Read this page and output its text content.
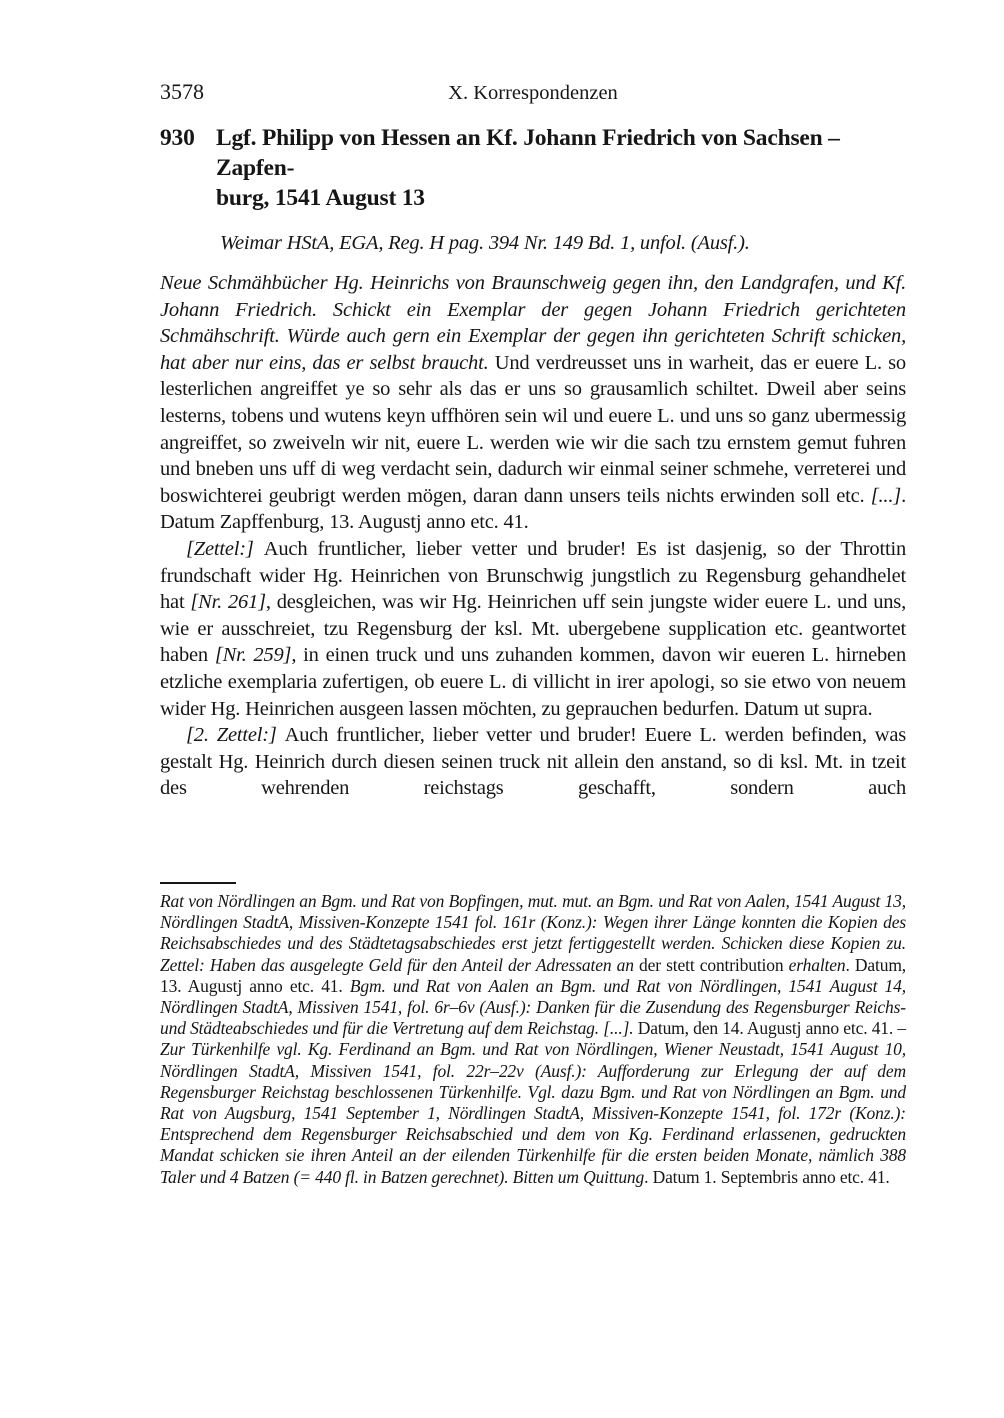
3578	X. Korrespondenzen
930 Lgf. Philipp von Hessen an Kf. Johann Friedrich von Sachsen – Zapfen-
burg, 1541 August 13
Weimar HStA, EGA, Reg. H pag. 394 Nr. 149 Bd. 1, unfol. (Ausf.).

Neue Schmähbücher Hg. Heinrichs von Braunschweig gegen ihn, den Landgrafen, und Kf. Johann Friedrich. Schickt ein Exemplar der gegen Johann Friedrich gerichteten Schmähschrift. Würde auch gern ein Exemplar der gegen ihn gerichteten Schrift schicken, hat aber nur eins, das er selbst braucht. Und verdreusset uns in warheit, das er euere L. so lesterlichen angreiffet ye so sehr als das er uns so grausamlich schiltet. Dweil aber seins lesterns, tobens und wutens keyn uffhören sein wil und euere L. und uns so ganz ubermessig angreiffet, so zweiveln wir nit, euere L. werden wie wir die sach tzu ernstem gemut fuhren und bneben uns uff di weg verdacht sein, dadurch wir einmal seiner schmehe, verreterei und boswichterei geubrigt werden mögen, daran dann unsers teils nichts erwinden soll etc. [...]. Datum Zapffenburg, 13. Augustj anno etc. 41.

[Zettel:] Auch fruntlicher, lieber vetter und bruder! Es ist dasjenig, so der Throttin frundschaft wider Hg. Heinrichen von Brunschwig jungstlich zu Regensburg gehandhelet hat [Nr. 261], desgleichen, was wir Hg. Heinrichen uff sein jungste wider euere L. und uns, wie er ausschreiet, tzu Regensburg der ksl. Mt. ubergebene supplication etc. geantwortet haben [Nr. 259], in einen truck und uns zuhanden kommen, davon wir eueren L. hirneben etzliche exemplaria zufertigen, ob euere L. di villicht in irer apologi, so sie etwo von neuem wider Hg. Heinrichen ausgeen lassen möchten, zu geprauchen bedurfen. Datum ut supra.

[2. Zettel:] Auch fruntlicher, lieber vetter und bruder! Euere L. werden befinden, was gestalt Hg. Heinrich durch diesen seinen truck nit allein den anstand, so di ksl. Mt. in tzeit des wehrenden reichstags geschafft, sondern auch

Rat von Nördlingen an Bgm. und Rat von Bopfingen, mut. mut. an Bgm. und Rat von Aalen, 1541 August 13, Nördlingen StadtA, Missiven-Konzepte 1541 fol. 161r (Konz.): Wegen ihrer Länge konnten die Kopien des Reichsabschiedes und des Städtetagsabschiedes erst jetzt fertiggestellt werden. Schicken diese Kopien zu. Zettel: Haben das ausgelegte Geld für den Anteil der Adressaten an der stett contribution erhalten. Datum, 13. Augustj anno etc. 41. Bgm. und Rat von Aalen an Bgm. und Rat von Nördlingen, 1541 August 14, Nördlingen StadtA, Missiven 1541, fol. 6r–6v (Ausf.): Danken für die Zusendung des Regensburger Reichs- und Städteabschiedes und für die Vertretung auf dem Reichstag. [...]. Datum, den 14. Augustj anno etc. 41. – Zur Türkenhilfe vgl. Kg. Ferdinand an Bgm. und Rat von Nördlingen, Wiener Neustadt, 1541 August 10, Nördlingen StadtA, Missiven 1541, fol. 22r–22v (Ausf.): Aufforderung zur Erlegung der auf dem Regensburger Reichstag beschlossenen Türkenhilfe. Vgl. dazu Bgm. und Rat von Nördlingen an Bgm. und Rat von Augsburg, 1541 September 1, Nördlingen StadtA, Missiven-Konzepte 1541, fol. 172r (Konz.): Entsprechend dem Regensburger Reichsabschied und dem von Kg. Ferdinand erlassenen, gedruckten Mandat schicken sie ihren Anteil an der eilenden Türkenhilfe für die ersten beiden Monate, nämlich 388 Taler und 4 Batzen (= 440 fl. in Batzen gerechnet). Bitten um Quittung. Datum 1. Septembris anno etc. 41.
